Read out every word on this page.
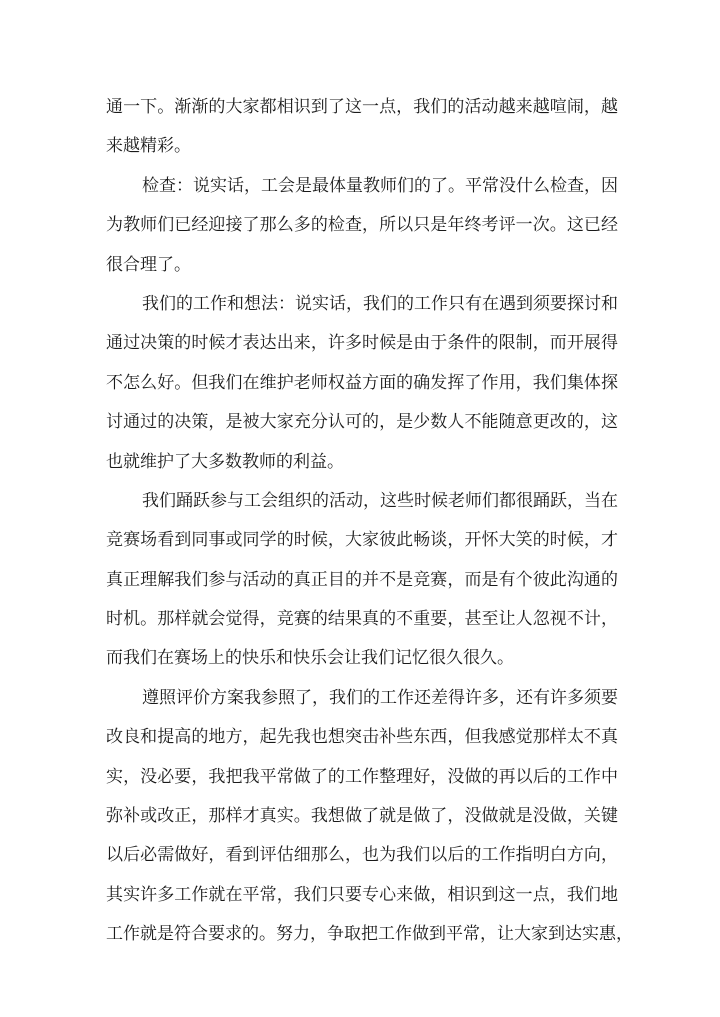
通一下。渐渐的大家都相识到了这一点，我们的活动越来越喧闹，越
来越精彩。
检查：说实话，工会是最体量教师们的了。平常没什么检查，因
为教师们已经迎接了那么多的检查，所以只是年终考评一次。这已经
很合理了。
我们的工作和想法：说实话，我们的工作只有在遇到须要探讨和
通过决策的时候才表达出来，许多时候是由于条件的限制，而开展得
不怎么好。但我们在维护老师权益方面的确发挥了作用，我们集体探
讨通过的决策，是被大家充分认可的，是少数人不能随意更改的，这
也就维护了大多数教师的利益。
我们踊跃参与工会组织的活动，这些时候老师们都很踊跃，当在
竞赛场看到同事或同学的时候，大家彼此畅谈，开怀大笑的时候，才
真正理解我们参与活动的真正目的并不是竞赛，而是有个彼此沟通的
时机。那样就会觉得，竞赛的结果真的不重要，甚至让人忽视不计，
而我们在赛场上的快乐和快乐会让我们记忆很久很久。
遵照评价方案我参照了，我们的工作还差得许多，还有许多须要
改良和提高的地方，起先我也想突击补些东西，但我感觉那样太不真
实，没必要，我把我平常做了的工作整理好，没做的再以后的工作中
弥补或改正，那样才真实。我想做了就是做了，没做就是没做，关键
以后必需做好，看到评估细那么，也为我们以后的工作指明白方向，
其实许多工作就在平常，我们只要专心来做，相识到这一点，我们地
工作就是符合要求的。努力，争取把工作做到平常，让大家到达实惠，
